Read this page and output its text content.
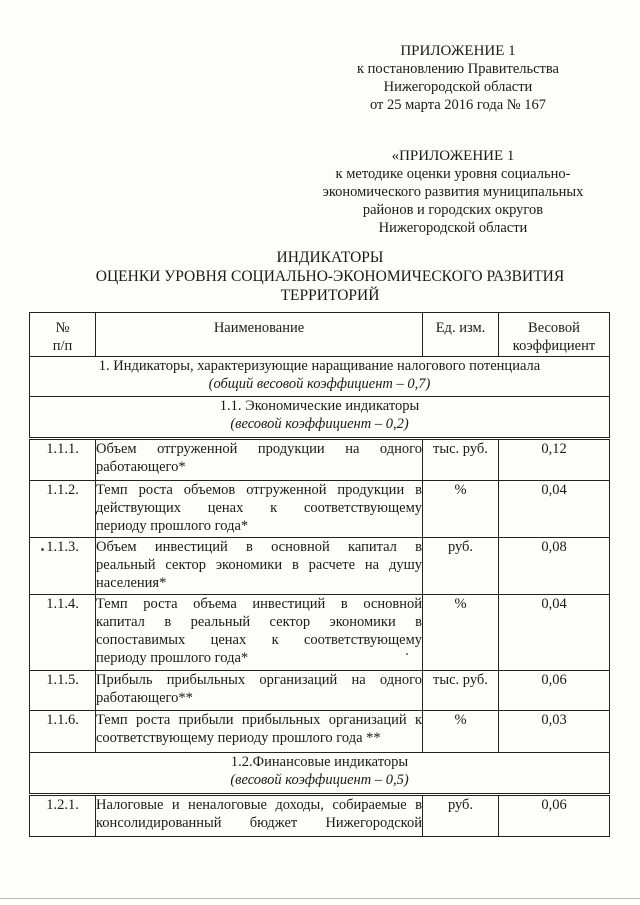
ПРИЛОЖЕНИЕ 1
к постановлению Правительства
Нижегородской области
от 25 марта 2016 года № 167
«ПРИЛОЖЕНИЕ 1
к методике оценки уровня социально-
экономического развития муниципальных
районов и городских округов
Нижегородской области
ИНДИКАТОРЫ
ОЦЕНКИ УРОВНЯ СОЦИАЛЬНО-ЭКОНОМИЧЕСКОГО РАЗВИТИЯ
ТЕРРИТОРИЙ
№
п/п	Наименование	Ед. изм.	Весовой
коэффициент

1. Индикаторы, характеризующие наращивание налогового потенциала
(общий весовой коэффициент – 0,7)			

1.1. Экономические индикаторы
(весовой коэффициент – 0,2)			

1.1.1.	Объем отгруженной продукции на одного
работающего*	тыс. руб.	0,12
1.1.2.	Темп роста объемов отгруженной продукции в
действующих ценах к соответствующему
периоду прошлого года*	%	0,04
1.1.3.	Объем инвестиций в основной капитал в
реальный сектор экономики в расчете на душу
населения*	руб.	0,08
1.1.4.	Темп роста объема инвестиций в основной
капитал в реальный сектор экономики в
сопоставимых ценах к соответствующему
периоду прошлого года*	%	0,04
1.1.5.	Прибыль прибыльных организаций на одного
работающего**	тыс. руб.	0,06
1.1.6.	Темп роста прибыли прибыльных организаций к
соответствующему периоду прошлого года **	%	0,03

1.2.Финансовые индикаторы
(весовой коэффициент – 0,5)			

1.2.1.	Налоговые и неналоговые доходы, собираемые в
консолидированный бюджет Нижегородской	руб.	0,06
